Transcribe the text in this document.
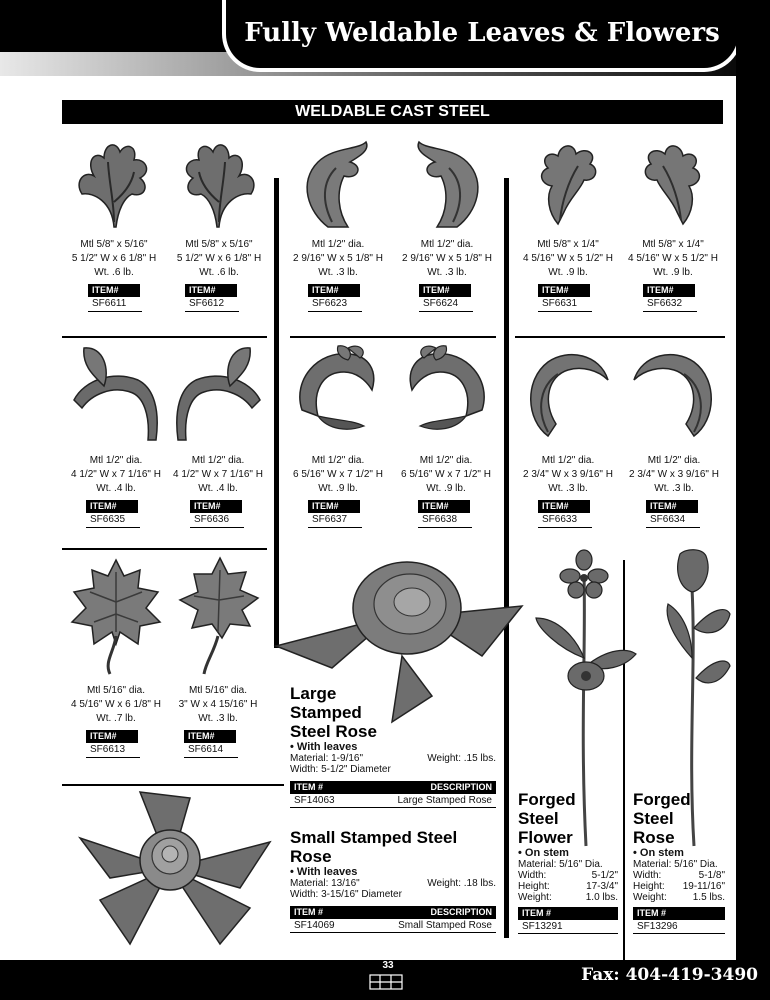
Fully Weldable Leaves & Flowers
WELDABLE CAST STEEL
Mtl 5/8" x 5/16"
5 1/2" W x 6 1/8" H
Wt. .6 lb.
ITEM#
SF6611
Mtl 5/8" x 5/16"
5 1/2" W x 6 1/8" H
Wt. .6 lb.
ITEM#
SF6612
Mtl 1/2" dia.
2 9/16" W x 5 1/8" H
Wt. .3 lb.
ITEM#
SF6623
Mtl 1/2" dia.
2 9/16" W x 5 1/8" H
Wt. .3 lb.
ITEM#
SF6624
Mtl 5/8" x 1/4"
4 5/16" W x 5 1/2" H
Wt. .9 lb.
ITEM#
SF6631
Mtl 5/8" x 1/4"
4 5/16" W x 5 1/2" H
Wt. .9 lb.
ITEM#
SF6632
Mtl 1/2" dia.
4 1/2" W x 7 1/16" H
Wt. .4 lb.
ITEM#
SF6635
Mtl 1/2" dia.
4 1/2" W x 7 1/16" H
Wt. .4 lb.
ITEM#
SF6636
Mtl 1/2" dia.
6 5/16" W x 7 1/2" H
Wt. .9 lb.
ITEM#
SF6637
Mtl 1/2" dia.
6 5/16" W x 7 1/2" H
Wt. .9 lb.
ITEM#
SF6638
Mtl 1/2" dia.
2 3/4" W x 3 9/16" H
Wt. .3 lb.
ITEM#
SF6633
Mtl 1/2" dia.
2 3/4" W x 3 9/16" H
Wt. .3 lb.
ITEM#
SF6634
Mtl 5/16" dia.
4 5/16" W x 6 1/8" H
Wt. .7 lb.
ITEM#
SF6613
Mtl 5/16" dia.
3" W x 4 15/16" H
Wt. .3 lb.
ITEM#
SF6614
Large
Stamped
Steel Rose
• With leaves
Material: 1-9/16"	Weight: .15 lbs.
Width: 5-1/2" Diameter
ITEM #	DESCRIPTION
SF14063	Large Stamped Rose
Small Stamped Steel
Rose
• With leaves
Material: 13/16"	Weight: .18 lbs.
Width: 3-15/16" Diameter
ITEM #	DESCRIPTION
SF14069	Small Stamped Rose
Forged
Steel
Flower
• On stem
Material: 5/16" Dia.	
Width:	5-1/2"
Height:	17-3/4"
Weight:	1.0 lbs.
ITEM #
SF13291
Forged
Steel
Rose
• On stem
Material: 5/16" Dia.	
Width:	5-1/8"
Height:	19-11/16"
Weight:	1.5 lbs.
ITEM #
SF13296
33	Fax: 404-419-3490
